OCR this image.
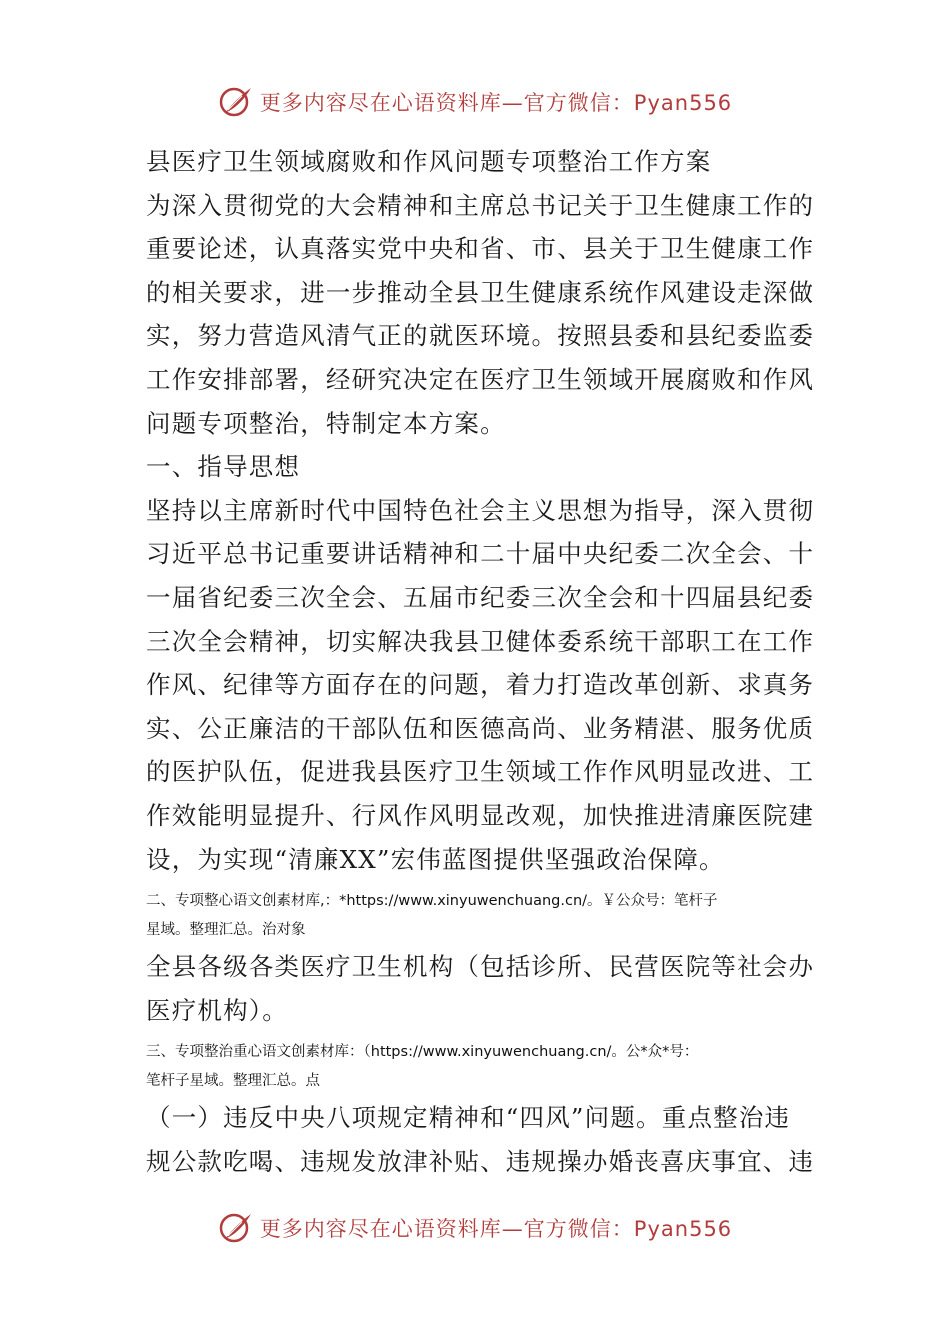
更多内容尽在心语资料库—官方微信：Pyan556
县医疗卫生领域腐败和作风问题专项整治工作方案
为深入贯彻党的大会精神和主席总书记关于卫生健康工作的
重要论述，认真落实党中央和省、市、县关于卫生健康工作
的相关要求，进一步推动全县卫生健康系统作风建设走深做
实，努力营造风清气正的就医环境。按照县委和县纪委监委
工作安排部署，经研究决定在医疗卫生领域开展腐败和作风
问题专项整治，特制定本方案。
一、指导思想
坚持以主席新时代中国特色社会主义思想为指导，深入贯彻
习近平总书记重要讲话精神和二十届中央纪委二次全会、十
一届省纪委三次全会、五届市纪委三次全会和十四届县纪委
三次全会精神，切实解决我县卫健体委系统干部职工在工作
作风、纪律等方面存在的问题，着力打造改革创新、求真务
实、公正廉洁的干部队伍和医德高尚、业务精湛、服务优质
的医护队伍，促进我县医疗卫生领域工作作风明显改进、工
作效能明显提升、行风作风明显改观，加快推进清廉医院建
设，为实现“清廉XX”宏伟蓝图提供坚强政治保障。
二、专项整心语文创素材库,：*https://www.xinyuwenchuang.cn/。￥公众号：笔杆子
星域。整理汇总。治对象
全县各级各类医疗卫生机构（包括诊所、民营医院等社会办
医疗机构）。
三、专项整治重心语文创素材库：（https://www.xinyuwenchuang.cn/。公*众*号：
笔杆子星域。整理汇总。点
（一）违反中央八项规定精神和“四风”问题。重点整治违
规公款吃喝、违规发放津补贴、违规操办婚丧喜庆事宜、违
更多内容尽在心语资料库—官方微信：Pyan556
